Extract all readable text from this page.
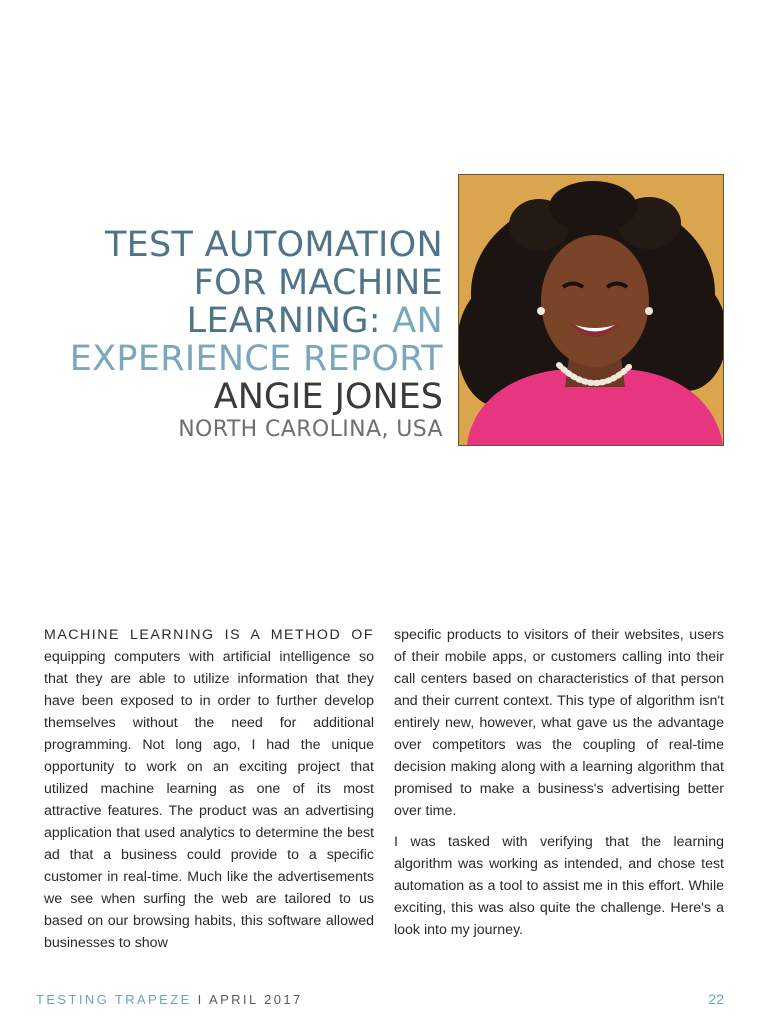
TEST AUTOMATION
FOR MACHINE
LEARNING: AN
EXPERIENCE REPORT
ANGIE JONES
NORTH CAROLINA, USA

MACHINE LEARNING IS A METHOD OF equipping computers with artificial intelligence so that they are able to utilize information that they have been exposed to in order to further develop themselves without the need for additional programming. Not long ago, I had the unique opportunity to work on an exciting project that utilized machine learning as one of its most attractive features. The product was an advertising application that used analytics to determine the best ad that a business could provide to a specific customer in real-time. Much like the advertisements we see when surfing the web are tailored to us based on our browsing habits, this software allowed businesses to show

specific products to visitors of their websites, users of their mobile apps, or customers calling into their call centers based on characteristics of that person and their current context. This type of algorithm isn't entirely new, however, what gave us the advantage over competitors was the coupling of real-time decision making along with a learning algorithm that promised to make a business's advertising better over time.

I was tasked with verifying that the learning algorithm was working as intended, and chose test automation as a tool to assist me in this effort. While exciting, this was also quite the challenge. Here's a look into my journey.

TESTING TRAPEZE I APRIL 2017	22
